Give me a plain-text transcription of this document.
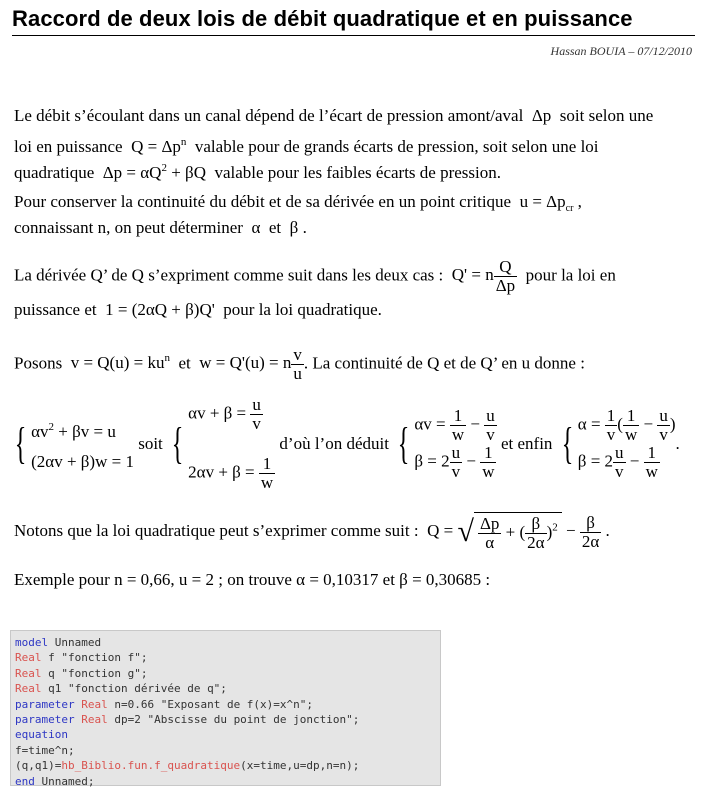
Raccord de deux lois de débit quadratique et en puissance
Hassan BOUIA – 07/12/2010
Le débit s’écoulant dans un canal dépend de l’écart de pression amont/aval  Δp  soit selon une
loi en puissance  $Q = \Delta p^n$ valable pour de grands écarts de pression, soit selon une loi
quadratique  $\Delta p = \alpha Q^2 + \beta Q$  valable pour les faibles écarts de pression.
Pour conserver la continuité du débit et de sa dérivée en un point critique  $u = \Delta p_{cr}$ ,
connaissant n, on peut déterminer  α  et  β .
La dérivée Q’ de Q s’expriment comme suit dans les deux cas :  Q' = n $\frac{Q}{\Delta p}$ pour la loi en
puissance et  1 = (2αQ + β)Q'  pour la loi quadratique.
Posons  $v = Q(u) = ku^n$ et  w = Q'(u) = n $\frac{v}{u}$ . La continuité de Q et de Q’ en u donne :
{ $\alpha v^2 + \beta v = u$
(2αv + β)w = 1 soit {$\alpha v + \beta = \frac{u}{v}$

$2\alpha v + \beta = \frac{1}{w}$
d’où l’on déduit { $\alpha v = \frac{1}{w} - \frac{u}{v}$

$\beta = 2 \frac{u}{v} - \frac{1}{w}$
et enfin { $\alpha = \frac{1}{v}$ ( $\frac{1}{w} - \frac{u}{v}$ )
$\beta = 2 \frac{u}{v} - \frac{1}{w}$
.
Notons que la loi quadratique peut s’exprimer comme suit :  Q = √ $\frac{\Delta p}{\alpha}$ + ( $\frac{\beta}{2\alpha} )^2 - \frac{\beta}{2\alpha}$ .
Exemple pour n = 0,66, u = 2 ; on trouve α = 0,10317 et β = 0,30685 :
model Unnamed
Real f "fonction f";
Real q "fonction g";
Real q1 "fonction dérivée de q";
parameter Real n=0.66 "Exposant de f(x)=x^n";
parameter Real dp=2 "Abscisse du point de jonction";
equation
f=time^n;
(q,q1)=hb_Biblio.fun.f_quadratique(x=time,u=dp,n=n);
end Unnamed;
